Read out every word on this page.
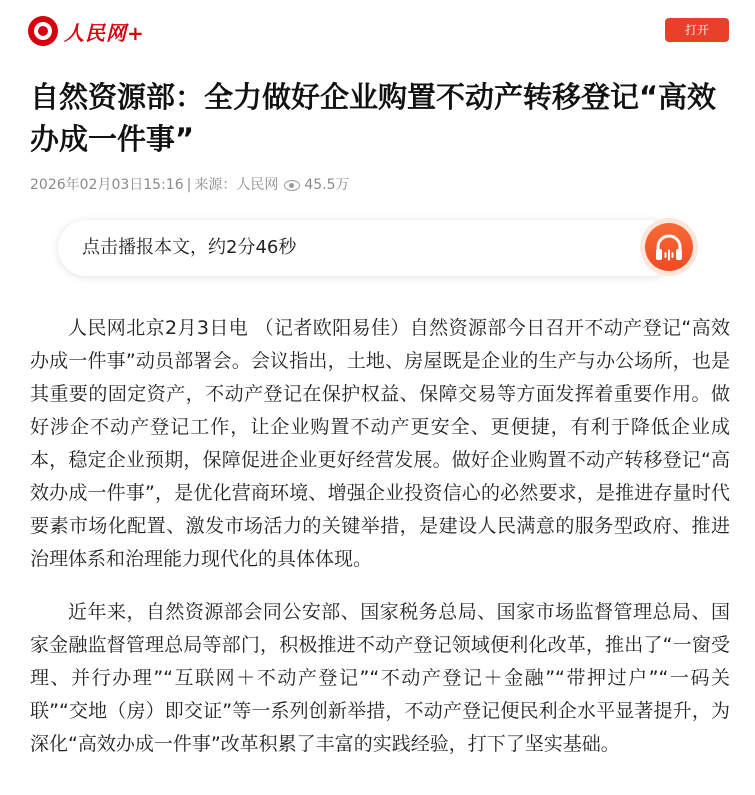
人民网+	打开
自然资源部：全力做好企业购置不动产转移登记“高效办成一件事”
2026年02月03日15:16 | 来源：人民网 45.5万
点击播报本文，约2分46秒

人民网北京2月3日电 （记者欧阳易佳）自然资源部今日召开不动产登记“高效办成一件事”动员部署会。会议指出，土地、房屋既是企业的生产与办公场所，也是其重要的固定资产，不动产登记在保护权益、保障交易等方面发挥着重要作用。做好涉企不动产登记工作，让企业购置不动产更安全、更便捷，有利于降低企业成本，稳定企业预期，保障促进企业更好经营发展。做好企业购置不动产转移登记“高效办成一件事”，是优化营商环境、增强企业投资信心的必然要求，是推进存量时代要素市场化配置、激发市场活力的关键举措，是建设人民满意的服务型政府、推进治理体系和治理能力现代化的具体体现。

近年来，自然资源部会同公安部、国家税务总局、国家市场监督管理总局、国家金融监督管理总局等部门，积极推进不动产登记领域便利化改革，推出了“一窗受理、并行办理”“互联网＋不动产登记”“不动产登记＋金融”“带押过户”“一码关联”“交地（房）即交证”等一系列创新举措，不动产登记便民利企水平显著提升，为深化“高效办成一件事”改革积累了丰富的实践经验，打下了坚实基础。
